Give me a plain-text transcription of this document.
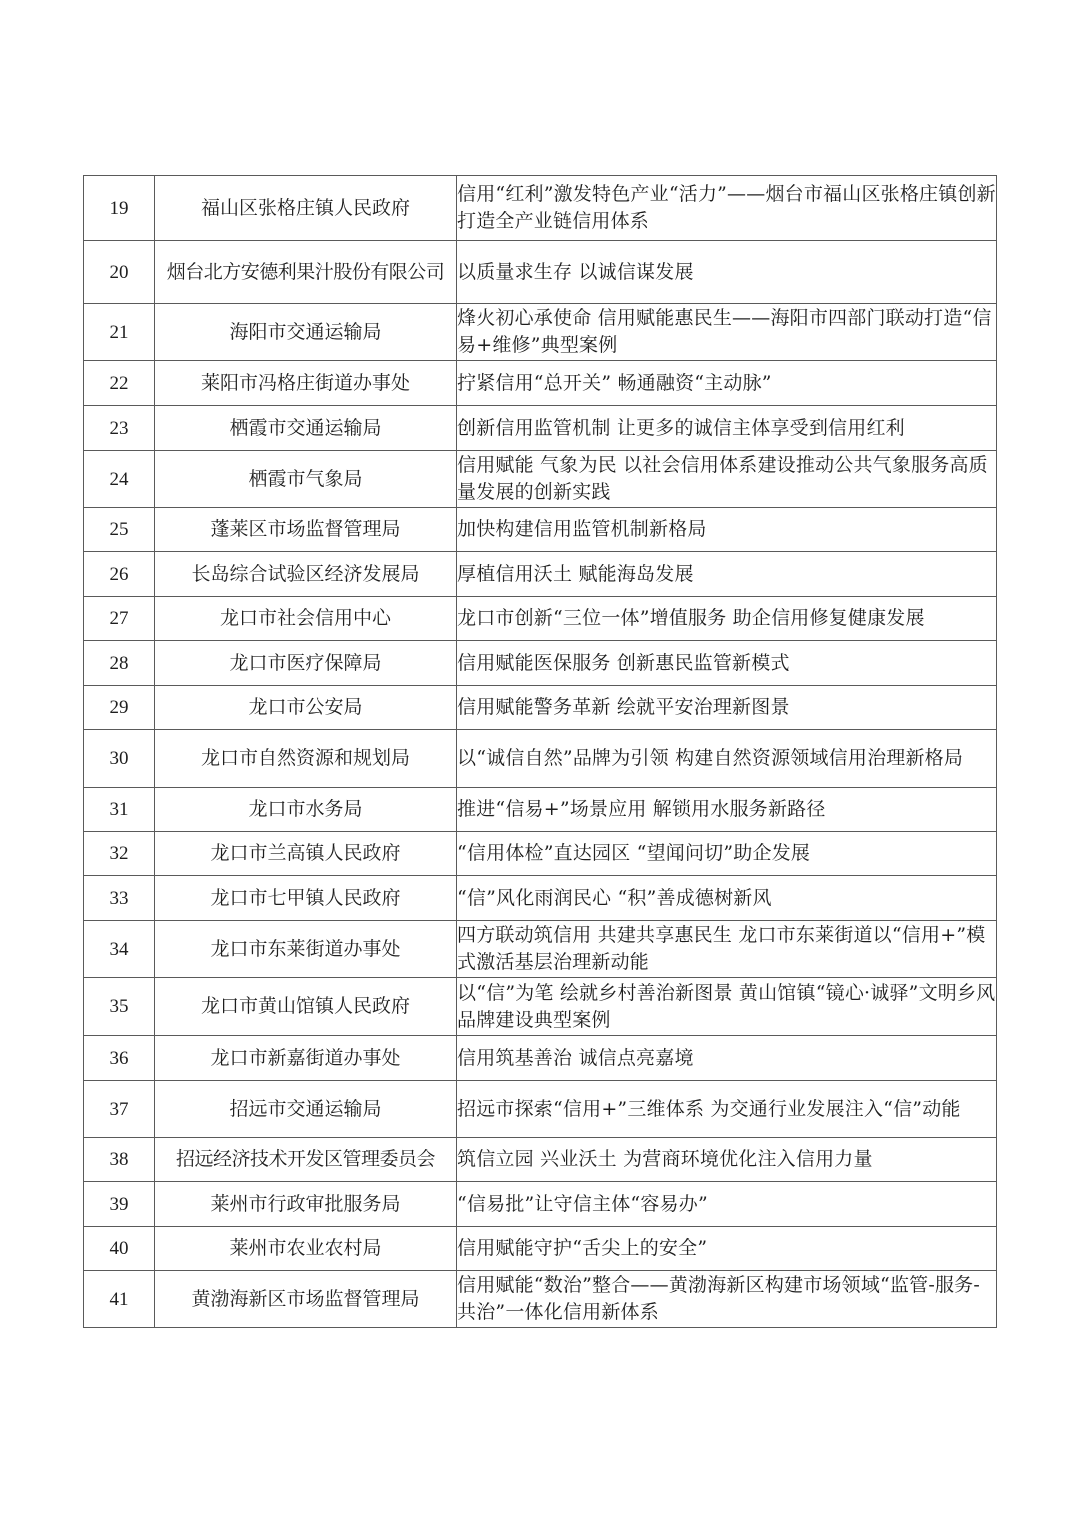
19	福山区张格庄镇人民政府	信用“红利”激发特色产业“活力”——烟台市福山区张格庄镇创新打造全产业链信用体系
20	烟台北方安德利果汁股份有限公司	以质量求生存 以诚信谋发展
21	海阳市交通运输局	烽火初心承使命 信用赋能惠民生——海阳市四部门联动打造“信易+维修”典型案例
22	莱阳市冯格庄街道办事处	拧紧信用“总开关” 畅通融资“主动脉”
23	栖霞市交通运输局	创新信用监管机制 让更多的诚信主体享受到信用红利
24	栖霞市气象局	信用赋能 气象为民 以社会信用体系建设推动公共气象服务高质量发展的创新实践
25	蓬莱区市场监督管理局	加快构建信用监管机制新格局
26	长岛综合试验区经济发展局	厚植信用沃土 赋能海岛发展
27	龙口市社会信用中心	龙口市创新“三位一体”增值服务 助企信用修复健康发展
28	龙口市医疗保障局	信用赋能医保服务 创新惠民监管新模式
29	龙口市公安局	信用赋能警务革新 绘就平安治理新图景
30	龙口市自然资源和规划局	以“诚信自然”品牌为引领 构建自然资源领域信用治理新格局
31	龙口市水务局	推进“信易+”场景应用 解锁用水服务新路径
32	龙口市兰高镇人民政府	“信用体检”直达园区 “望闻问切”助企发展
33	龙口市七甲镇人民政府	“信”风化雨润民心 “积”善成德树新风
34	龙口市东莱街道办事处	四方联动筑信用 共建共享惠民生 龙口市东莱街道以“信用+”模式激活基层治理新动能
35	龙口市黄山馆镇人民政府	以“信”为笔 绘就乡村善治新图景 黄山馆镇“镜心·诚驿”文明乡风品牌建设典型案例
36	龙口市新嘉街道办事处	信用筑基善治 诚信点亮嘉境
37	招远市交通运输局	招远市探索“信用+”三维体系 为交通行业发展注入“信”动能
38	招远经济技术开发区管理委员会	筑信立园 兴业沃土 为营商环境优化注入信用力量
39	莱州市行政审批服务局	“信易批”让守信主体“容易办”
40	莱州市农业农村局	信用赋能守护“舌尖上的安全”
41	黄渤海新区市场监督管理局	信用赋能“数治”整合——黄渤海新区构建市场领域“监管-服务-共治”一体化信用新体系
